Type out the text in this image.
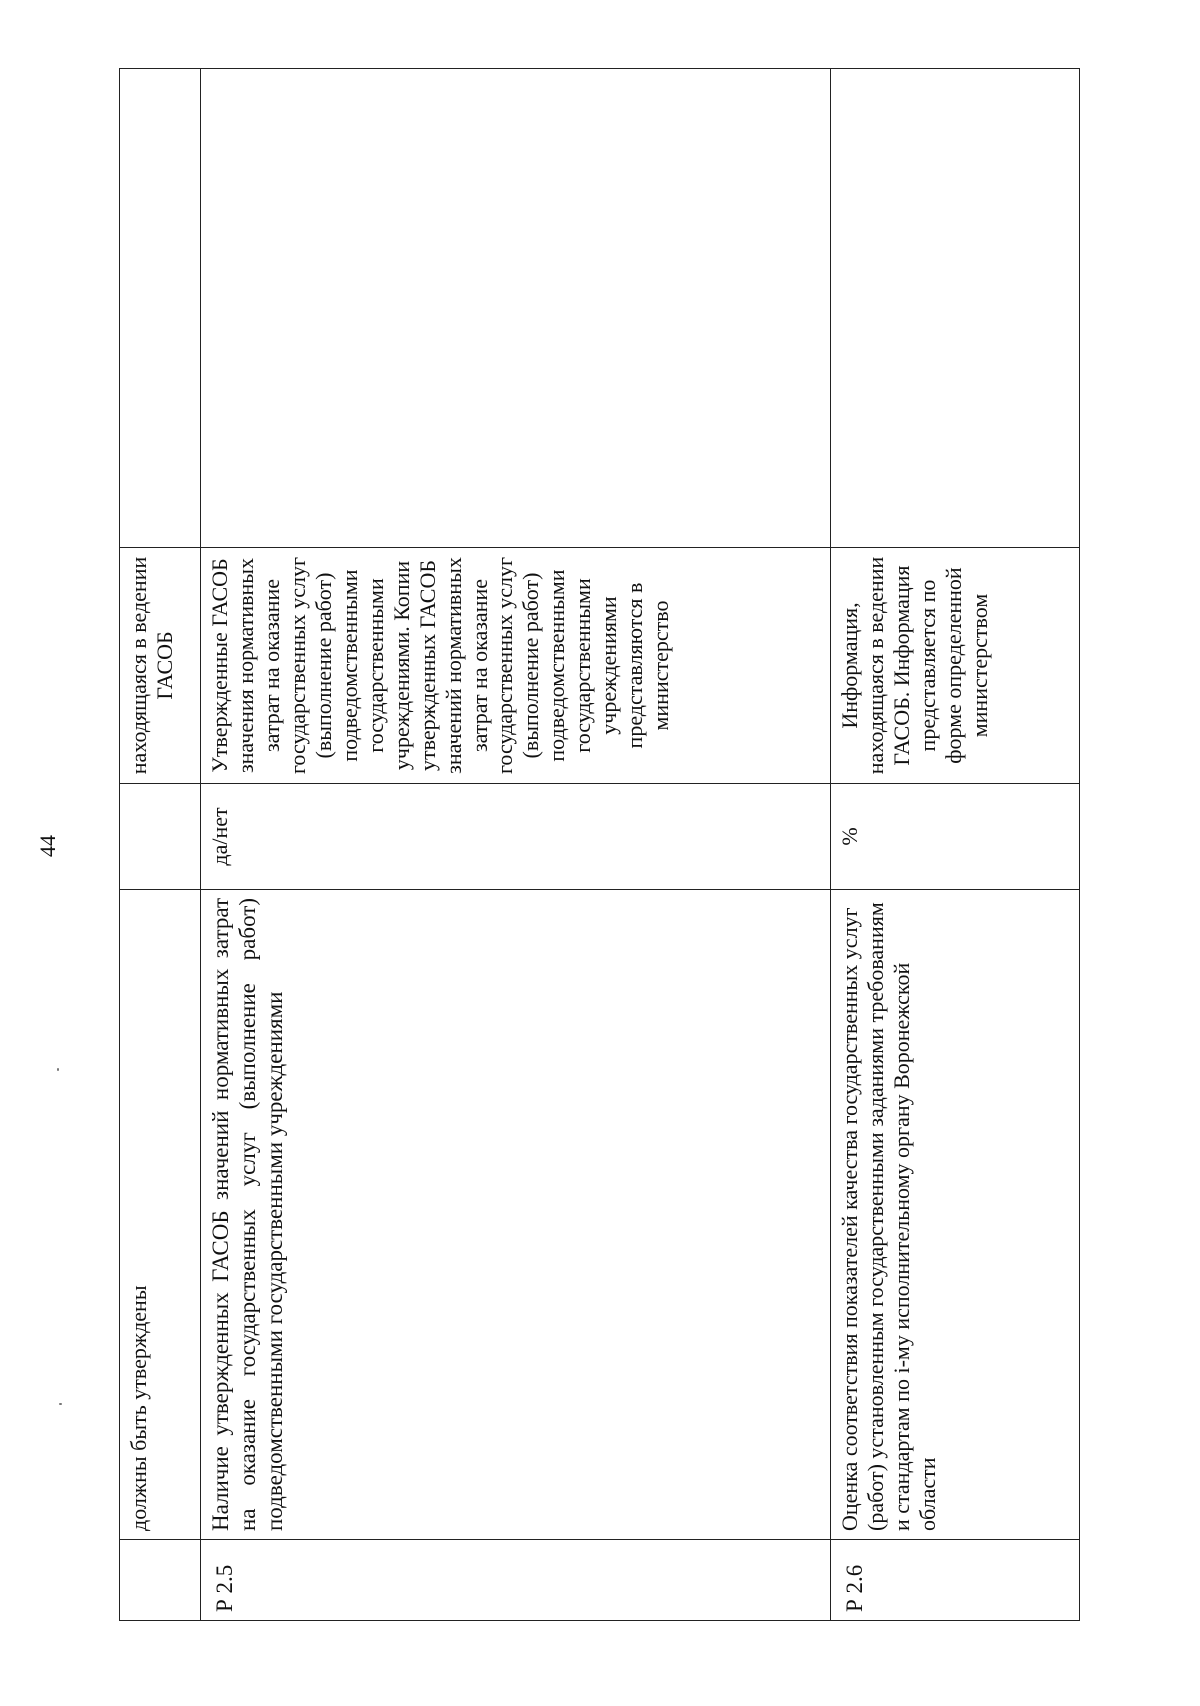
44
	должны быть утверждены		находящаяся в ведении ГАСОБ	
Р 2.5	Наличие утвержденных ГАСОБ значений нормативных затрат на оказание государственных услуг (выполнение работ) подведомственными государственными учреждениями	да/нет	Утвержденные ГАСОБ значения нормативных затрат на оказание государственных услуг (выполнение работ) подведомственными государственными учреждениями. Копии утвержденных ГАСОБ значений нормативных затрат на оказание государственных услуг (выполнение работ) подведомственными государственными учреждениями представляются в министерство	
Р 2.6	Оценка соответствия показателей качества государственных услуг (работ) установленным государственными заданиями требованиям и стандартам по i-му исполнительному органу Воронежской области	%	Информация, находящаяся в ведении ГАСОБ. Информация представляется по форме определенной министерством	
